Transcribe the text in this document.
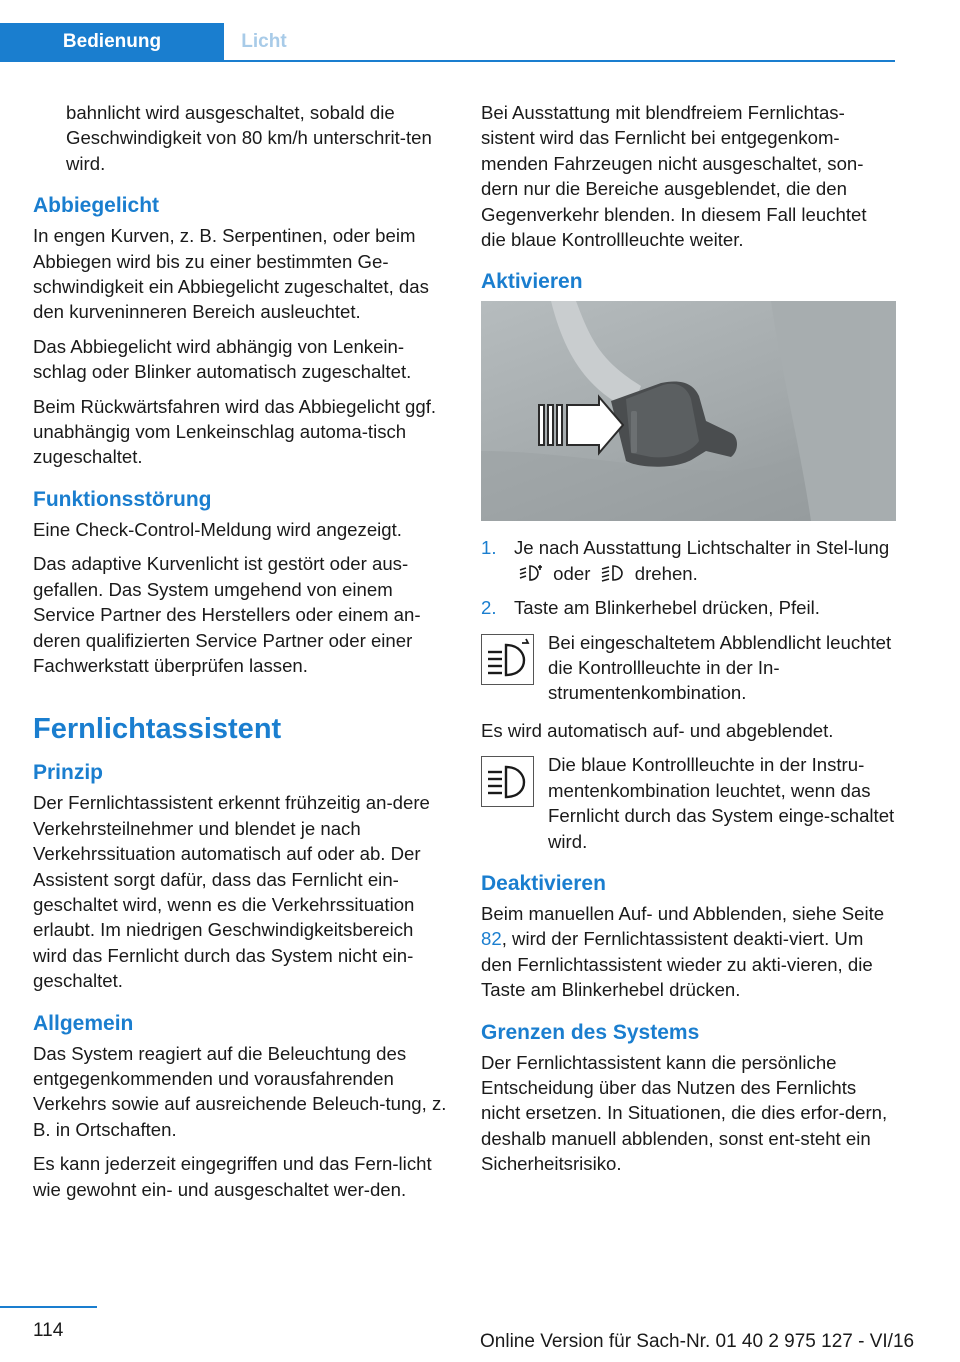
Bedienung	Licht

bahnlicht wird ausgeschaltet, sobald die Geschwindigkeit von 80 km/h unterschrit-ten wird.

Abbiegelicht

In engen Kurven, z. B. Serpentinen, oder beim Abbiegen wird bis zu einer bestimmten Ge-schwindigkeit ein Abbiegelicht zugeschaltet, das den kurveninneren Bereich ausleuchtet.

Das Abbiegelicht wird abhängig von Lenkein-schlag oder Blinker automatisch zugeschaltet.

Beim Rückwärtsfahren wird das Abbiegelicht ggf. unabhängig vom Lenkeinschlag automa-tisch zugeschaltet.

Funktionsstörung

Eine Check-Control-Meldung wird angezeigt.

Das adaptive Kurvenlicht ist gestört oder aus-gefallen. Das System umgehend von einem Service Partner des Herstellers oder einem an-deren qualifizierten Service Partner oder einer Fachwerkstatt überprüfen lassen.

Fernlichtassistent
Prinzip

Der Fernlichtassistent erkennt frühzeitig an-dere Verkehrsteilnehmer und blendet je nach Verkehrssituation automatisch auf oder ab. Der Assistent sorgt dafür, dass das Fernlicht ein-geschaltet wird, wenn es die Verkehrssituation erlaubt. Im niedrigen Geschwindigkeitsbereich wird das Fernlicht durch das System nicht ein-geschaltet.

Allgemein

Das System reagiert auf die Beleuchtung des entgegenkommenden und vorausfahrenden Verkehrs sowie auf ausreichende Beleuch-tung, z. B. in Ortschaften.

Es kann jederzeit eingegriffen und das Fern-licht wie gewohnt ein- und ausgeschaltet wer-den.

Bei Ausstattung mit blendfreiem Fernlichtas-sistent wird das Fernlicht bei entgegenkom-menden Fahrzeugen nicht ausgeschaltet, son-dern nur die Bereiche ausgeblendet, die den Gegenverkehr blenden. In diesem Fall leuchtet die blaue Kontrollleuchte weiter.

Aktivieren
1. Je nach Ausstattung Lichtschalter in Stel-lung  oder drehen.
2. Taste am Blinkerhebel drücken, Pfeil.
Bei eingeschaltetem Abblendlicht leuchtet die Kontrollleuchte in der In-strumentenkombination.

Es wird automatisch auf- und abgeblendet.

Die blaue Kontrollleuchte in der Instru-mentenkombination leuchtet, wenn das Fernlicht durch das System einge-schaltet wird.

Deaktivieren

Beim manuellen Auf- und Abblenden, siehe Seite 82, wird der Fernlichtassistent deakti-viert. Um den Fernlichtassistent wieder zu akti-vieren, die Taste am Blinkerhebel drücken.

Grenzen des Systems

Der Fernlichtassistent kann die persönliche Entscheidung über das Nutzen des Fernlichts nicht ersetzen. In Situationen, die dies erfor-dern, deshalb manuell abblenden, sonst ent-steht ein Sicherheitsrisiko.

114
Online Version für Sach-Nr. 01 40 2 975 127 - VI/16
